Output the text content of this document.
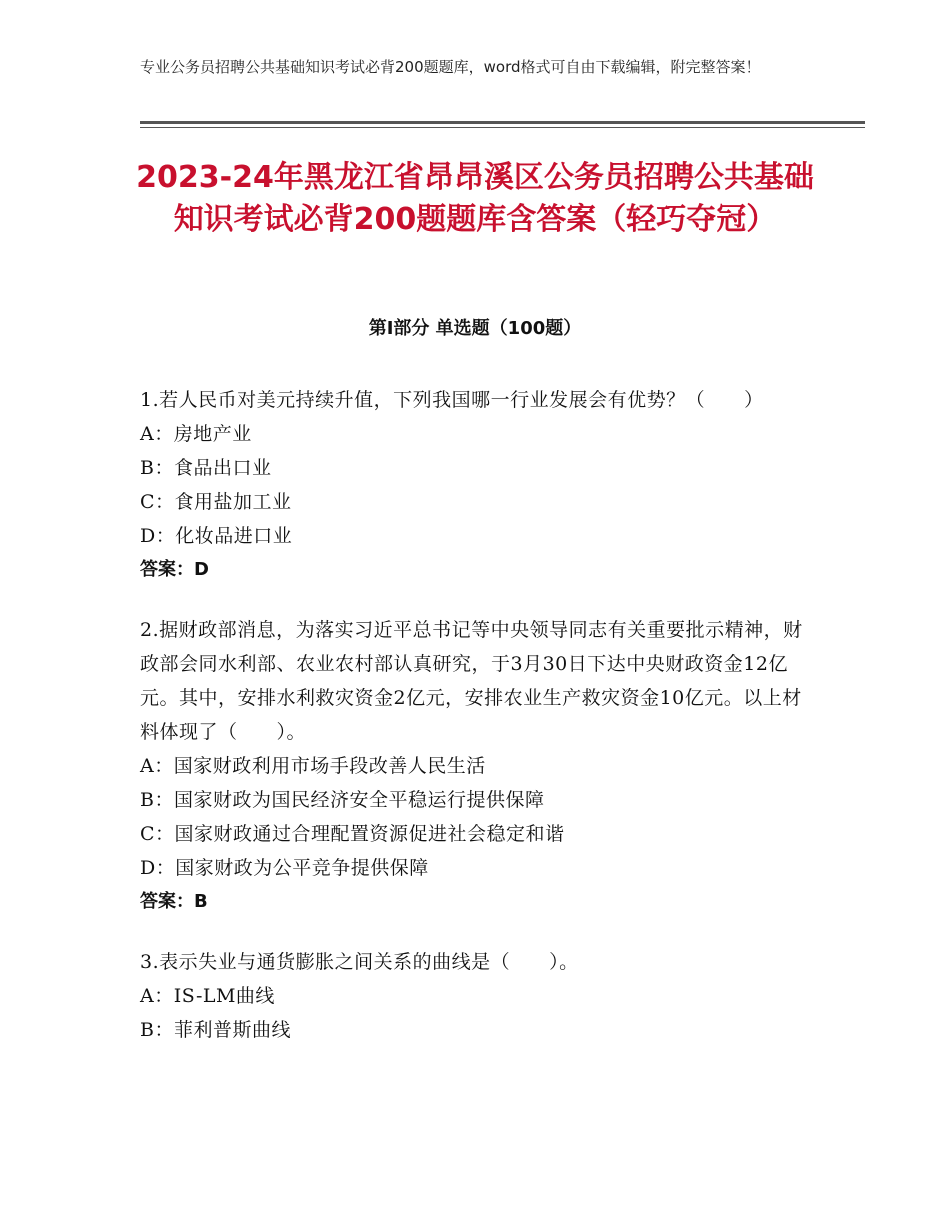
专业公务员招聘公共基础知识考试必背200题题库，word格式可自由下载编辑，附完整答案！
2023-24年黑龙江省昂昂溪区公务员招聘公共基础知识考试必背200题题库含答案（轻巧夺冠）
第Ⅰ部分 单选题（100题）
1.若人民币对美元持续升值，下列我国哪一行业发展会有优势？（　　）
A：房地产业
B：食品出口业
C：食用盐加工业
D：化妆品进口业
答案：D
2.据财政部消息，为落实习近平总书记等中央领导同志有关重要批示精神，财政部会同水利部、农业农村部认真研究，于3月30日下达中央财政资金12亿元。其中，安排水利救灾资金2亿元，安排农业生产救灾资金10亿元。以上材料体现了（　　）。
A：国家财政利用市场手段改善人民生活
B：国家财政为国民经济安全平稳运行提供保障
C：国家财政通过合理配置资源促进社会稳定和谐
D：国家财政为公平竞争提供保障
答案：B
3.表示失业与通货膨胀之间关系的曲线是（　　）。
A：IS-LM曲线
B：菲利普斯曲线
